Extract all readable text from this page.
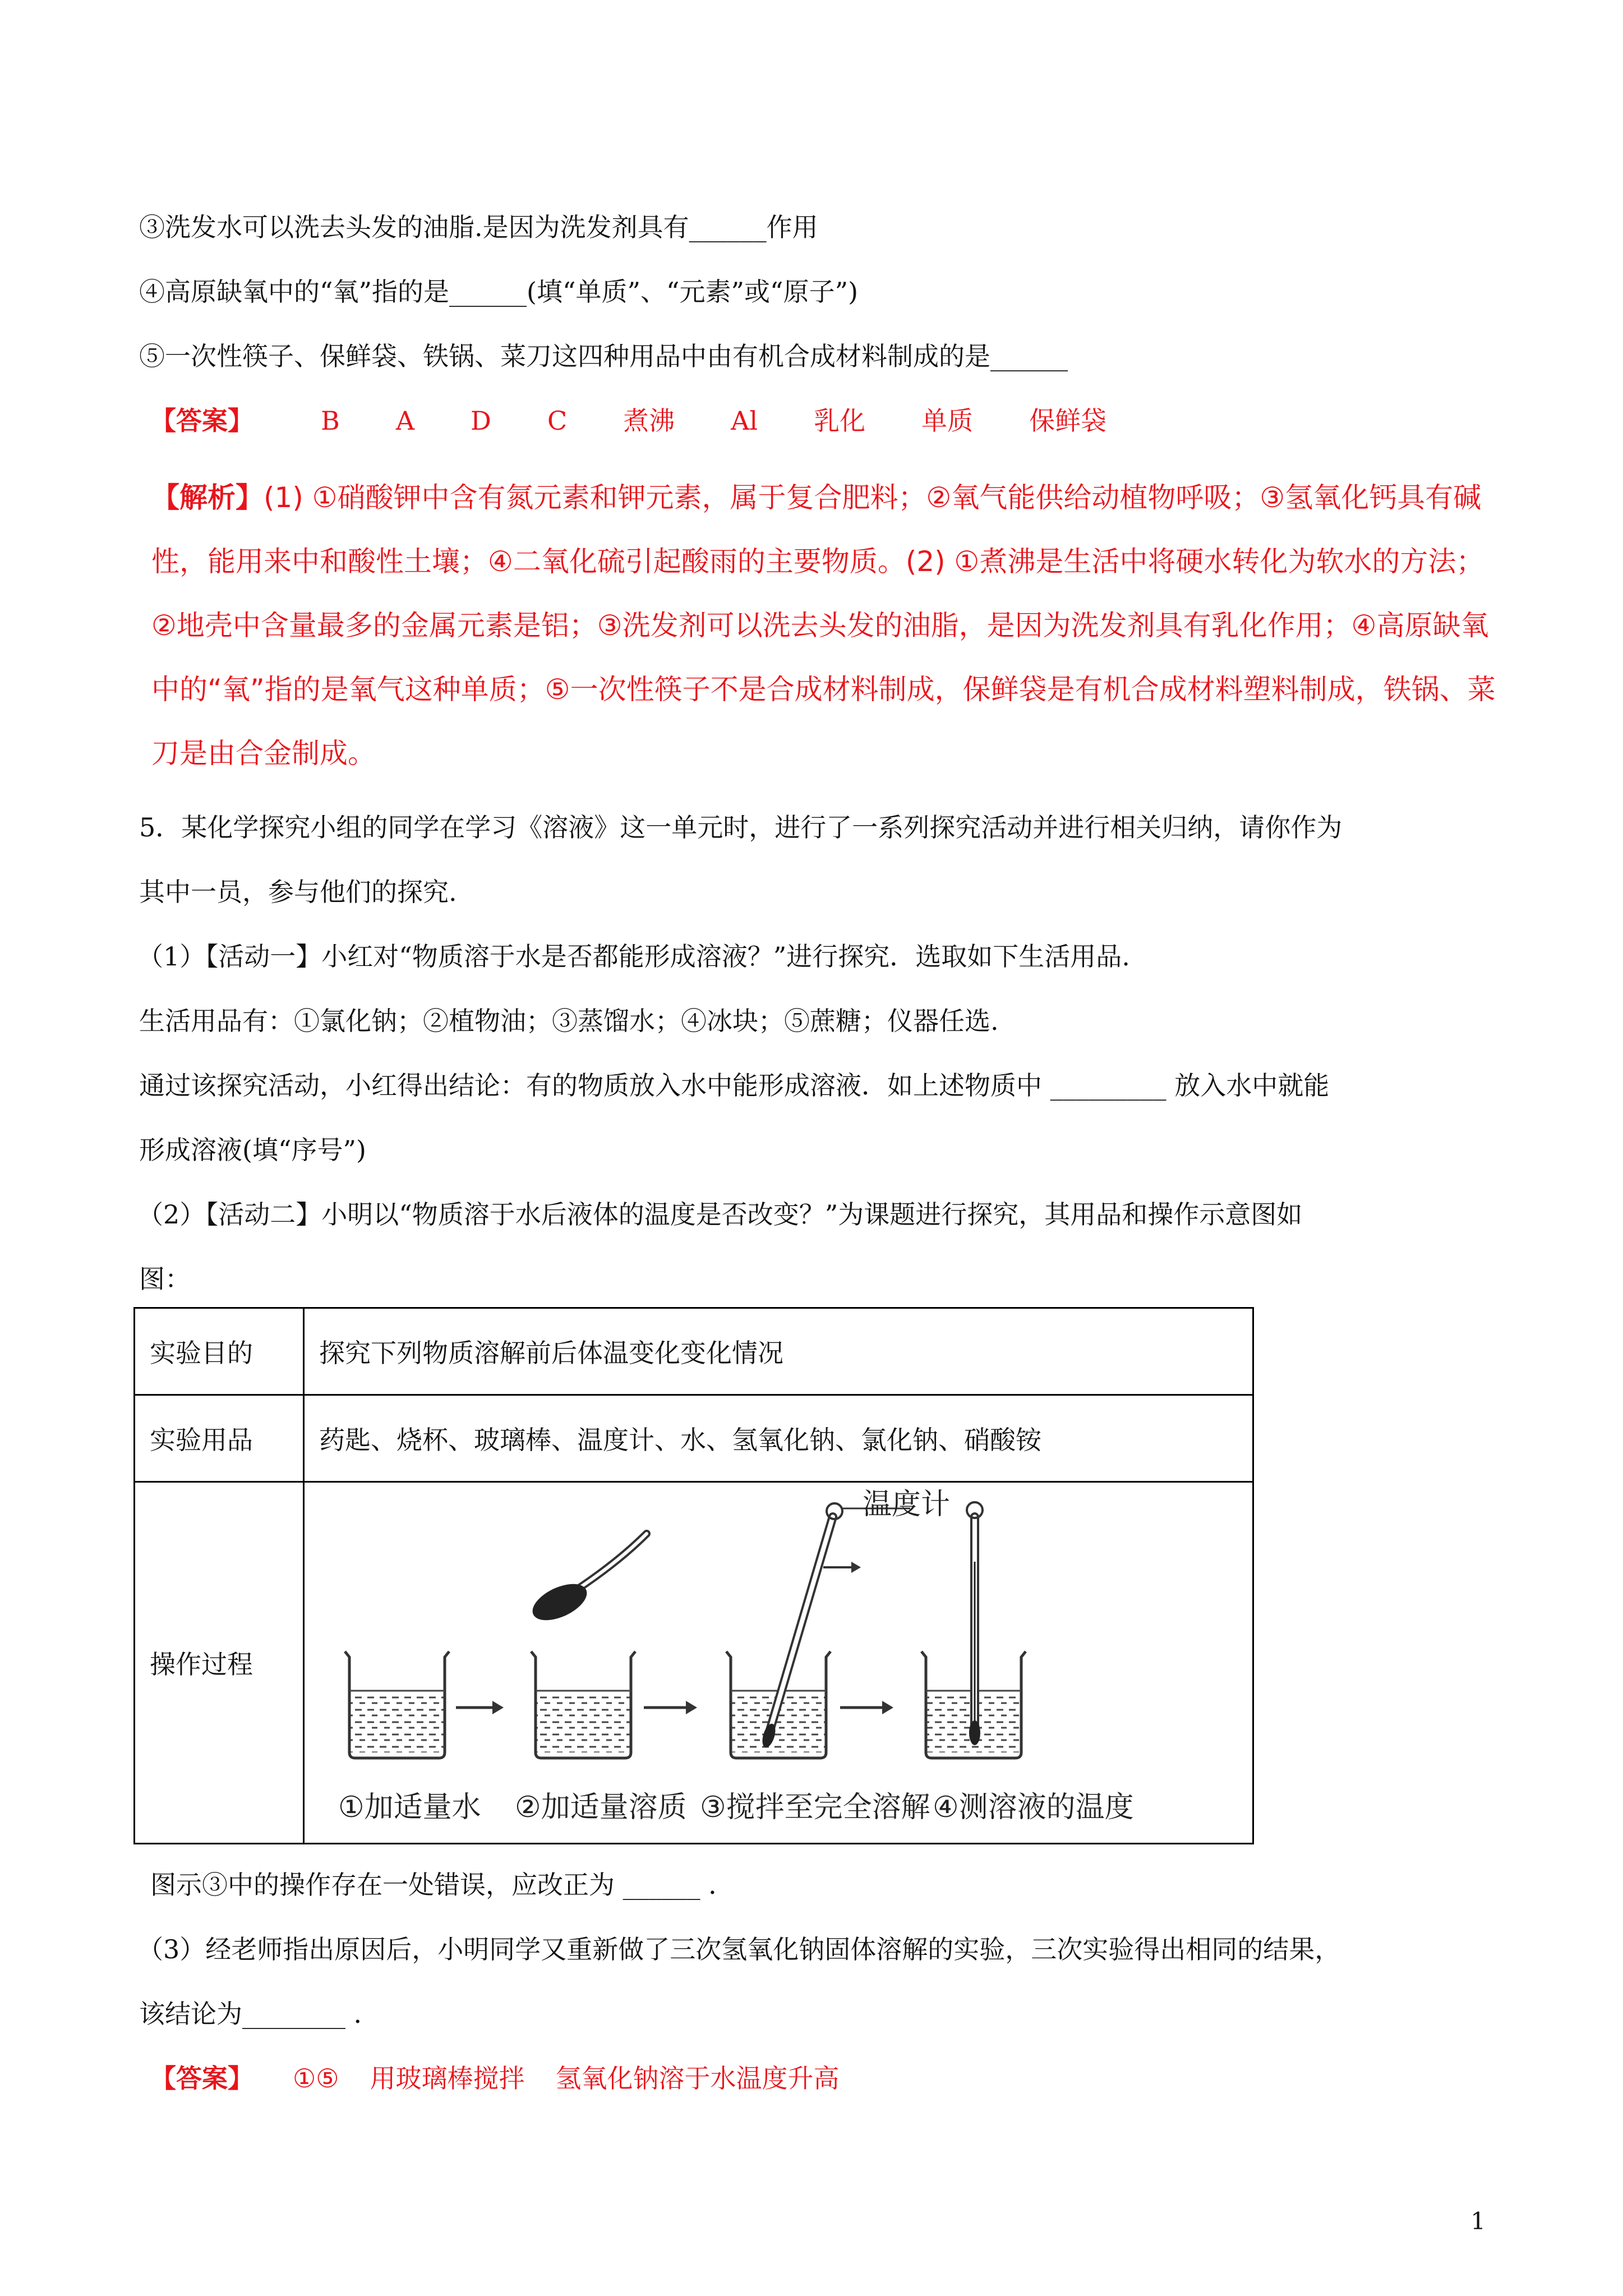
③洗发水可以洗去头发的油脂.是因为洗发剂具有______作用
④高原缺氧中的“氧”指的是______(填“单质”、“元素”或“原子”)
⑤一次性筷子、保鲜袋、铁锅、菜刀这四种用品中由有机合成材料制成的是______
【答案】	B A D C 煮沸 Al 乳化 单质 保鲜袋
【解析】(1) ①硝酸钾中含有氮元素和钾元素，属于复合肥料；②氧气能供给动植物呼吸；③氢氧化钙具有碱性，能用来中和酸性土壤；④二氧化硫引起酸雨的主要物质。(2) ①煮沸是生活中将硬水转化为软水的方法；②地壳中含量最多的金属元素是铝；③洗发剂可以洗去头发的油脂，是因为洗发剂具有乳化作用；④高原缺氧中的“氧”指的是氧气这种单质；⑤一次性筷子不是合成材料制成，保鲜袋是有机合成材料塑料制成，铁锅、菜刀是由合金制成。
5．某化学探究小组的同学在学习《溶液》这一单元时，进行了一系列探究活动并进行相关归纳，请你作为
其中一员，参与他们的探究.
（1）【活动一】小红对“物质溶于水是否都能形成溶液？”进行探究．选取如下生活用品.
生活用品有：①氯化钠；②植物油；③蒸馏水；④冰块；⑤蔗糖；仪器任选.
通过该探究活动，小红得出结论：有的物质放入水中能形成溶液．如上述物质中 _________ 放入水中就能
形成溶液(填“序号”)
（2）【活动二】小明以“物质溶于水后液体的温度是否改变？”为课题进行探究，其用品和操作示意图如
图：
实验目的	探究下列物质溶解前后体温变化变化情况
实验用品	药匙、烧杯、玻璃棒、温度计、水、氢氧化钠、氯化钠、硝酸铵
操作过程	温度计
①加适量水 ②加适量溶质 ③搅拌至完全溶解 ④测溶液的温度
图示③中的操作存在一处错误，应改正为 ______ ．
（3）经老师指出原因后，小明同学又重新做了三次氢氧化钠固体溶解的实验，三次实验得出相同的结果，
该结论为________ ．
【答案】 ①⑤ 用玻璃棒搅拌 氢氧化钠溶于水温度升高
1
